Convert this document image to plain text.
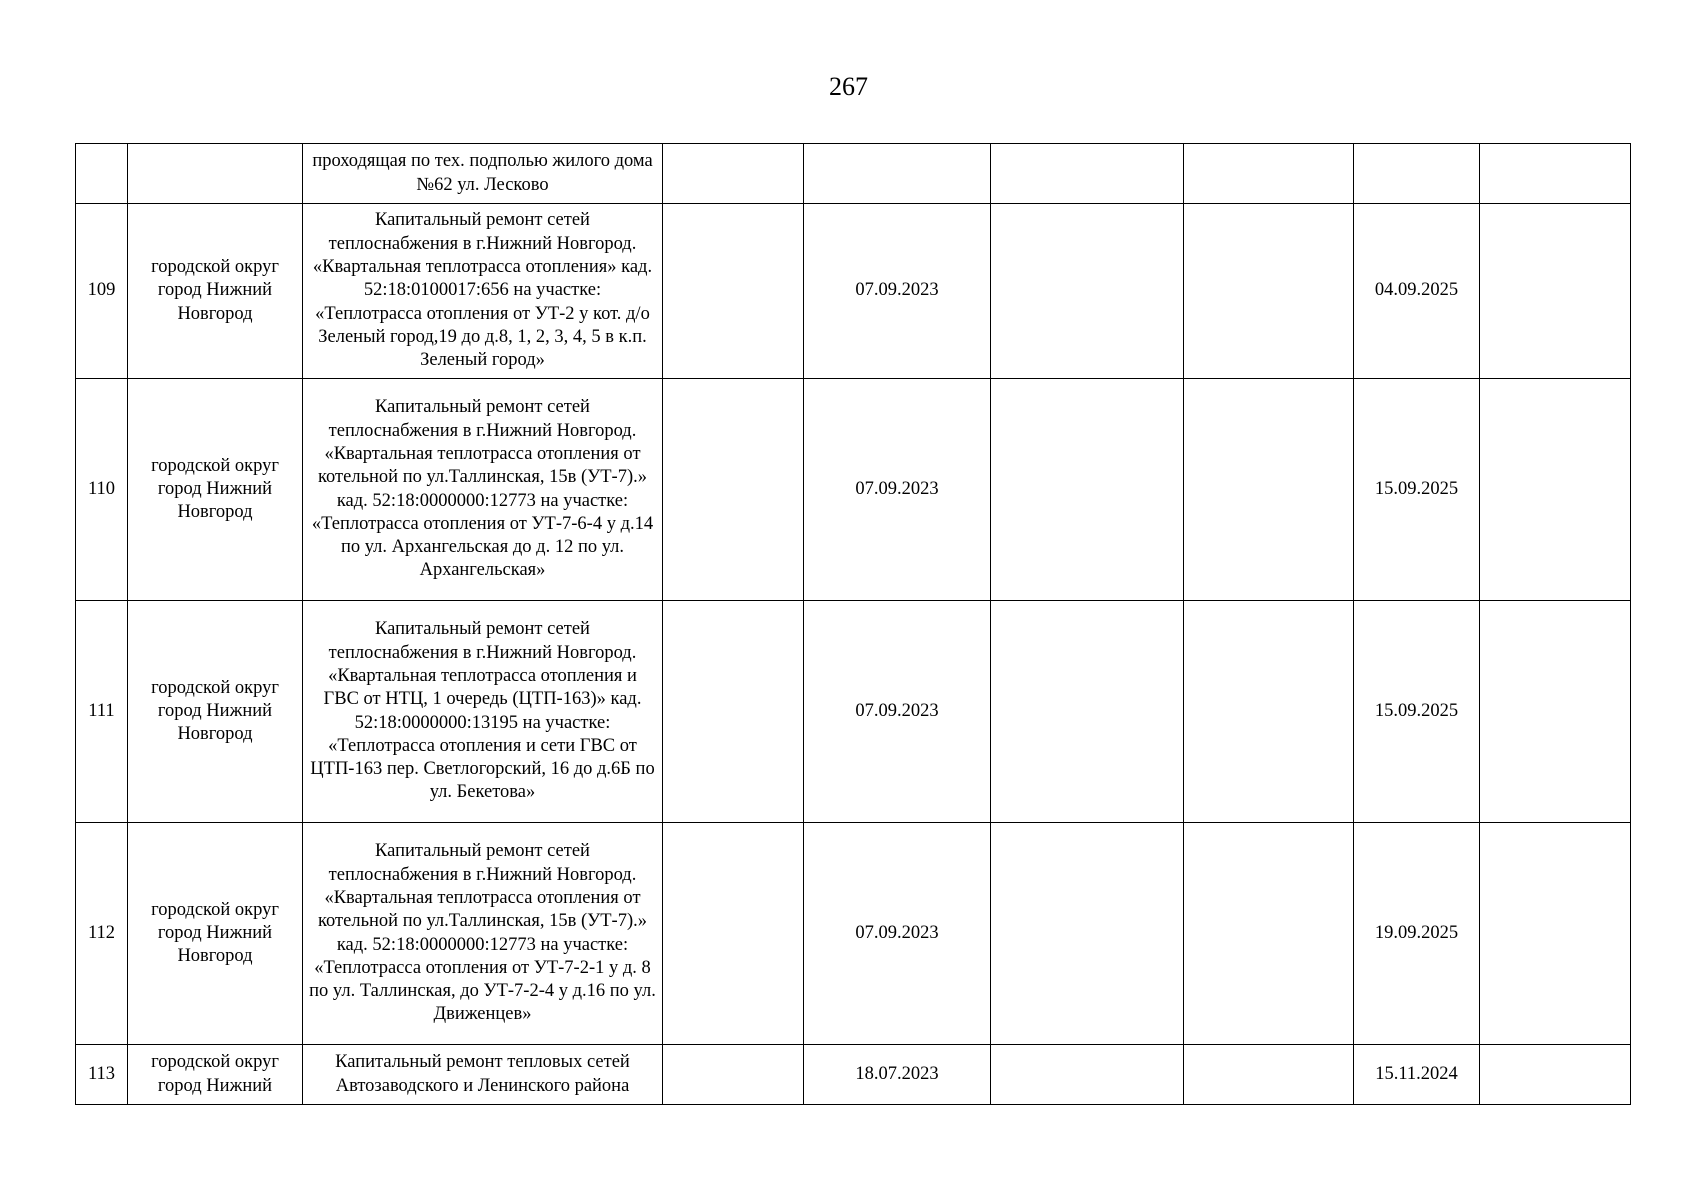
267
		проходящая по тех. подполью жилого дома №62 ул. Лесково						
109	городской округ город Нижний Новгород	Капитальный ремонт сетей теплоснабжения в г.Нижний Новгород. «Квартальная теплотрасса отопления» кад. 52:18:0100017:656 на участке: «Теплотрасса отопления от УТ-2 у кот. д/о Зеленый город,19 до д.8, 1, 2, 3, 4, 5 в к.п. Зеленый город»		07.09.2023			04.09.2025	
110	городской округ город Нижний Новгород	Капитальный ремонт сетей теплоснабжения в г.Нижний Новгород. «Квартальная теплотрасса отопления от котельной по ул.Таллинская, 15в (УТ-7).» кад. 52:18:0000000:12773 на участке: «Теплотрасса отопления от УТ-7-6-4 у д.14 по ул. Архангельская до д. 12 по ул. Архангельская»		07.09.2023			15.09.2025	
111	городской округ город Нижний Новгород	Капитальный ремонт сетей теплоснабжения в г.Нижний Новгород. «Квартальная теплотрасса отопления и ГВС от НТЦ, 1 очередь (ЦТП-163)» кад. 52:18:0000000:13195 на участке: «Теплотрасса отопления и сети ГВС от ЦТП-163 пер. Светлогорский, 16 до д.6Б по ул. Бекетова»		07.09.2023			15.09.2025	
112	городской округ город Нижний Новгород	Капитальный ремонт сетей теплоснабжения в г.Нижний Новгород. «Квартальная теплотрасса отопления от котельной по ул.Таллинская, 15в (УТ-7).» кад. 52:18:0000000:12773 на участке: «Теплотрасса отопления от УТ-7-2-1 у д. 8 по ул. Таллинская, до УТ-7-2-4 у д.16 по ул. Движенцев»		07.09.2023			19.09.2025	
113	городской округ город Нижний	Капитальный ремонт тепловых сетей Автозаводского и Ленинского района		18.07.2023			15.11.2024	
